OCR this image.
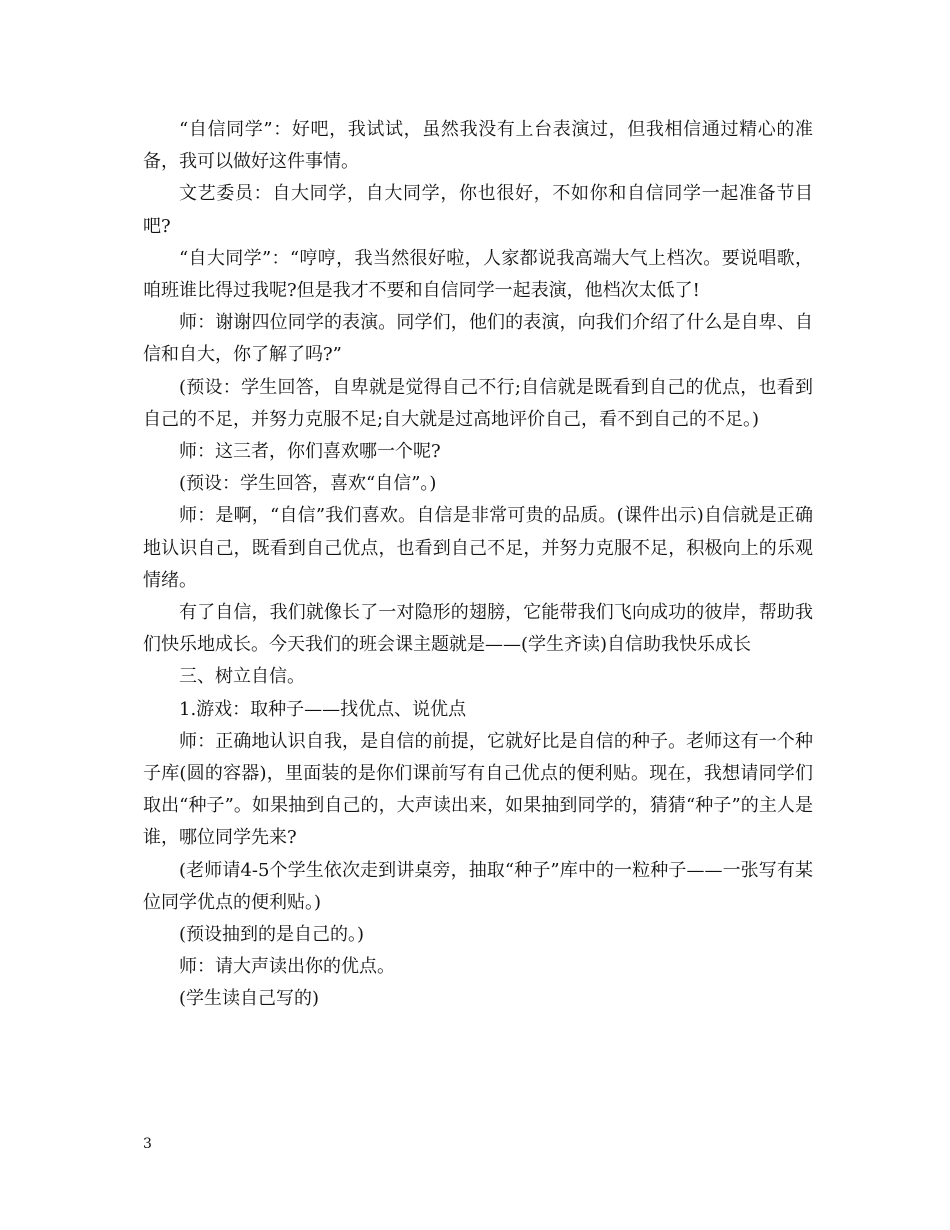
“自信同学”：好吧，我试试，虽然我没有上台表演过，但我相信通过精心的准备，我可以做好这件事情。

文艺委员：自大同学，自大同学，你也很好，不如你和自信同学一起准备节目吧?

“自大同学”：“哼哼，我当然很好啦，人家都说我高端大气上档次。要说唱歌，咱班谁比得过我呢?但是我才不要和自信同学一起表演，他档次太低了!

师：谢谢四位同学的表演。同学们，他们的表演，向我们介绍了什么是自卑、自信和自大，你了解了吗?”

(预设：学生回答，自卑就是觉得自己不行;自信就是既看到自己的优点，也看到自己的不足，并努力克服不足;自大就是过高地评价自己，看不到自己的不足。)

师：这三者，你们喜欢哪一个呢?

(预设：学生回答，喜欢“自信”。)

师：是啊，“自信”我们喜欢。自信是非常可贵的品质。(课件出示)自信就是正确地认识自己，既看到自己优点，也看到自己不足，并努力克服不足，积极向上的乐观情绪。

有了自信，我们就像长了一对隐形的翅膀，它能带我们飞向成功的彼岸，帮助我们快乐地成长。今天我们的班会课主题就是——(学生齐读)自信助我快乐成长

三、树立自信。

1.游戏：取种子——找优点、说优点

师：正确地认识自我，是自信的前提，它就好比是自信的种子。老师这有一个种子库(圆的容器)，里面装的是你们课前写有自己优点的便利贴。现在，我想请同学们取出“种子”。如果抽到自己的，大声读出来，如果抽到同学的，猜猜“种子”的主人是谁，哪位同学先来?

(老师请4-5个学生依次走到讲桌旁，抽取“种子”库中的一粒种子——一张写有某位同学优点的便利贴。)

(预设抽到的是自己的。)

师：请大声读出你的优点。

(学生读自己写的)

3
